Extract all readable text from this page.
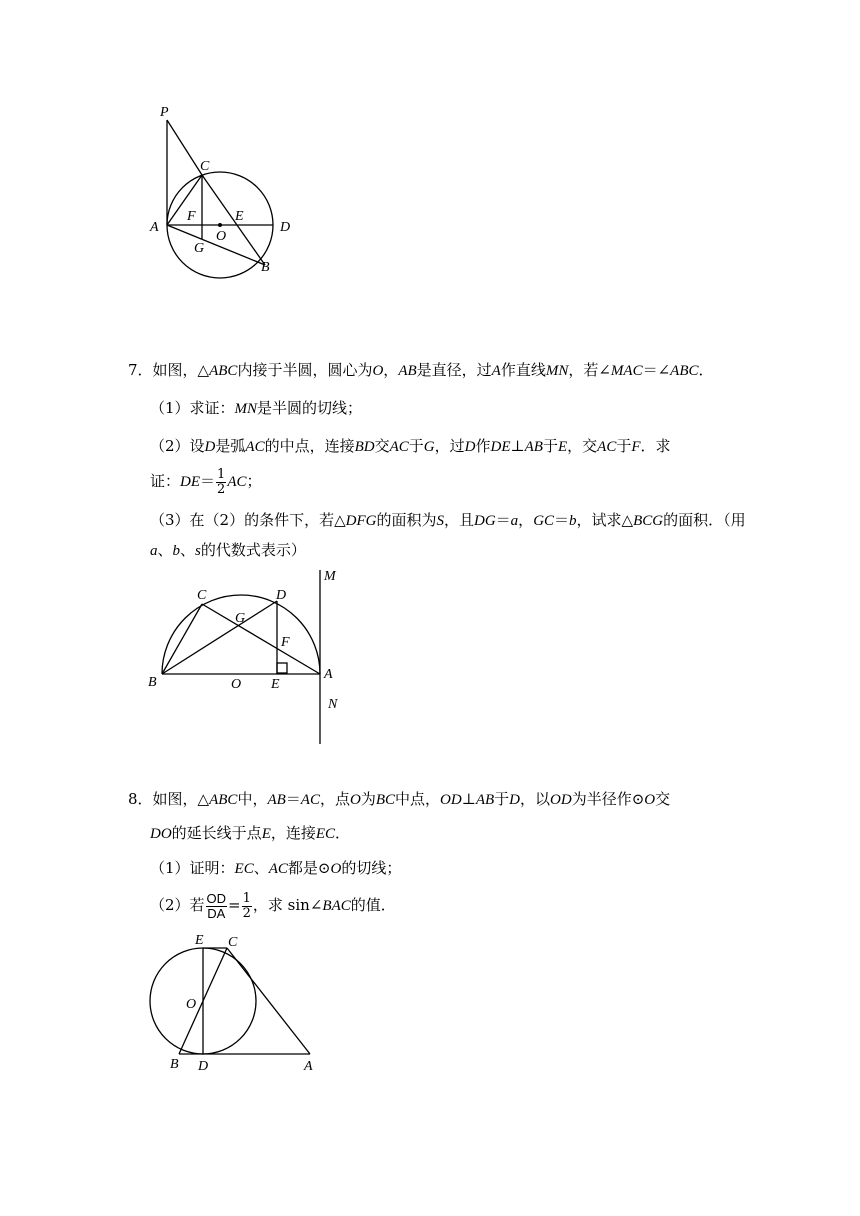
P
C
A
F	E
D
O
G
B
7．如图，△ABC内接于半圆，圆心为O，AB是直径，过A作直线MN，若∠MAC＝∠ABC．
（1）求证：MN是半圆的切线；
（2）设D是弧AC的中点，连接BD交AC于G，过D作DE⊥AB于E，交AC于F．求
证：$DE= \frac{1}{2}$ AC；
（3）在（2）的条件下，若△DFG的面积为S，且DG＝a，GC＝b，试求△BCG的面积．（用
a、b、s的代数式表示）
M
C	D
G
F
B	O E
A
N
8．如图，△ABC中，AB＝AC，点O为BC中点，OD⊥AB于D，以OD为半径作⊙O交
DO的延长线于点E，连接EC．
（1）证明：EC、AC都是⊙O的切线；
（2）若 $\frac{OD}{DA} = \frac{1}{2}$ ，求 sin∠BAC的值．
E C
O
B D	A
